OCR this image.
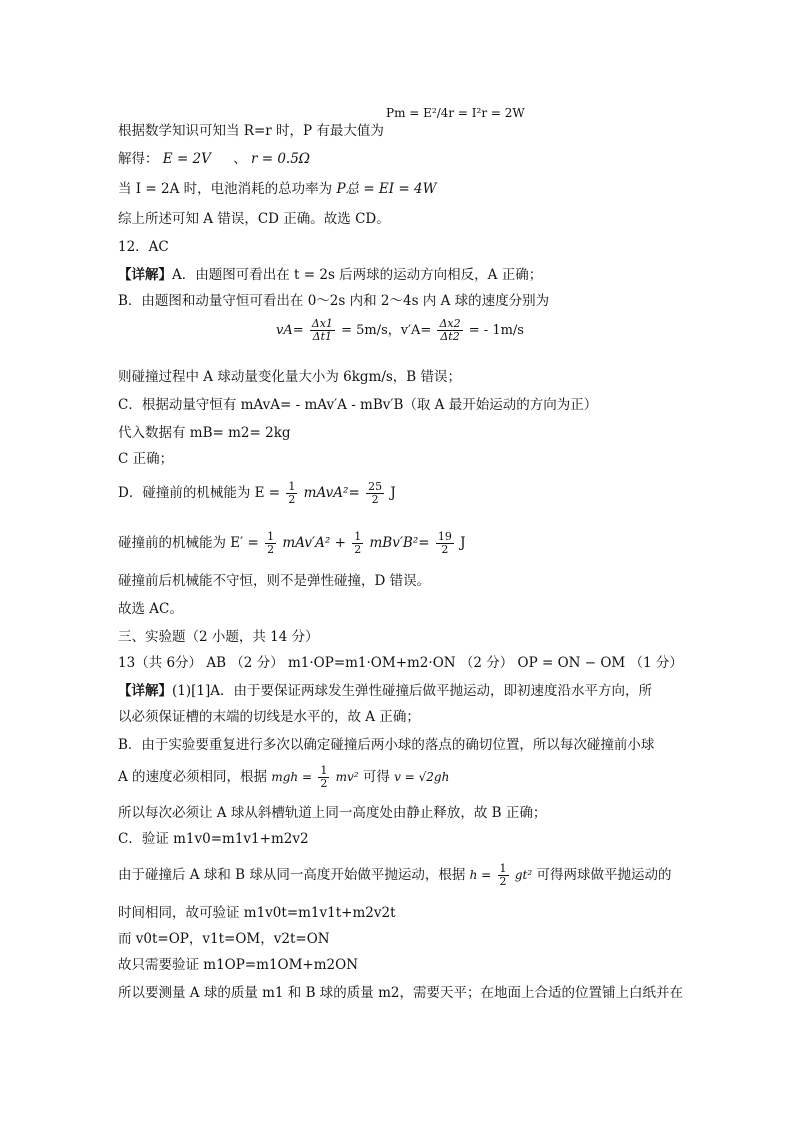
根据数学知识可知当 R=r 时，P 有最大值为
Pm = E²/4r = I²r = 2W
解得： E = 2V 、 r = 0.5Ω
当 I = 2A 时，电池消耗的总功率为 P总 = EI = 4W
综上所述可知 A 错误，CD 正确。故选 CD。
12．AC
【详解】A．由题图可看出在 t = 2s 后两球的运动方向相反，A 正确；
B．由题图和动量守恒可看出在 0～2s 内和 2～4s 内 A 球的速度分别为
$vA= \frac{\Delta x1}{\Delta t1} = 5m/s$，$v'A= \frac{\Delta x2}{\Delta t2}$ = - 1m/s
则碰撞过程中 A 球动量变化量大小为 6kgm/s，B 错误；
C．根据动量守恒有 mAvA= - mAv′A - mBv′B（取 A 最开始运动的方向为正）
代入数据有 mB= m2= 2kg
C 正确；
D．碰撞前的机械能为 $E = \frac{1}{2}$ mAvA²= $\frac{25}{2}$ J
碰撞前的机械能为 $E' = \frac{1}{2} mAv'A^2 + \frac{1}{2} mBv'B^2= \frac{19}{2}$ J
碰撞前后机械能不守恒，则不是弹性碰撞，D 错误。
故选 AC。
三、实验题（2 小题，共 14 分）
13（共 6分） AB （2 分） m1·OP=m1·OM+m2·ON （2 分） OP = ON − OM （1 分）
【详解】(1)[1]A．由于要保证两球发生弹性碰撞后做平抛运动，即初速度沿水平方向，所
以必须保证槽的末端的切线是水平的，故 A 正确；
B．由于实验要重复进行多次以确定碰撞后两小球的落点的确切位置，所以每次碰撞前小球
A 的速度必须相同，根据 mgh = $\frac{1}{2} mv^2$ 可得 v = √2gh
所以每次必须让 A 球从斜槽轨道上同一高度处由静止释放，故 B 正确；
C．验证 m1v0=m1v1+m2v2
由于碰撞后 A 球和 B 球从同一高度开始做平抛运动，根据 $h = \frac{1}{2} gt^2$ 可得两球做平抛运动的
时间相同，故可验证 m1v0t=m1v1t+m2v2t
而 v0t=OP，v1t=OM，v2t=ON
故只需要验证 m1OP=m1OM+m2ON
所以要测量 A 球的质量 m1 和 B 球的质量 m2，需要天平；在地面上合适的位置铺上白纸并在
